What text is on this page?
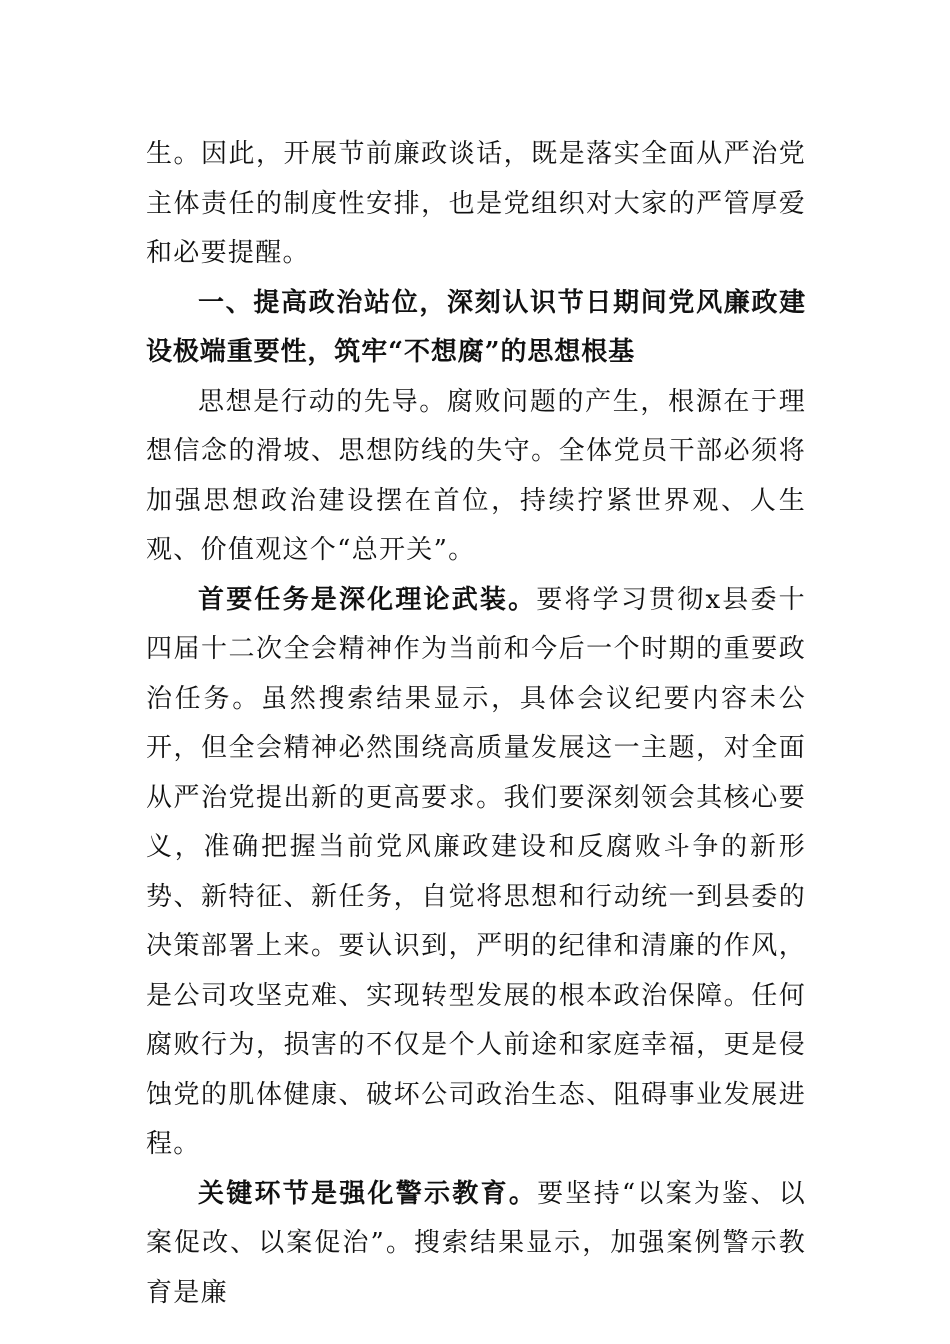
生。因此，开展节前廉政谈话，既是落实全面从严治党主体责任的制度性安排，也是党组织对大家的严管厚爱和必要提醒。

一、提高政治站位，深刻认识节日期间党风廉政建设极端重要性，筑牢“不想腐”的思想根基

思想是行动的先导。腐败问题的产生，根源在于理想信念的滑坡、思想防线的失守。全体党员干部必须将加强思想政治建设摆在首位，持续拧紧世界观、人生观、价值观这个“总开关”。

首要任务是深化理论武装。要将学习贯彻x县委十四届十二次全会精神作为当前和今后一个时期的重要政治任务。虽然搜索结果显示，具体会议纪要内容未公开，但全会精神必然围绕高质量发展这一主题，对全面从严治党提出新的更高要求。我们要深刻领会其核心要义，准确把握当前党风廉政建设和反腐败斗争的新形势、新特征、新任务，自觉将思想和行动统一到县委的决策部署上来。要认识到，严明的纪律和清廉的作风，是公司攻坚克难、实现转型发展的根本政治保障。任何腐败行为，损害的不仅是个人前途和家庭幸福，更是侵蚀党的肌体健康、破坏公司政治生态、阻碍事业发展进程。

关键环节是强化警示教育。要坚持“以案为鉴、以案促改、以案促治”。搜索结果显示，加强案例警示教育是廉
